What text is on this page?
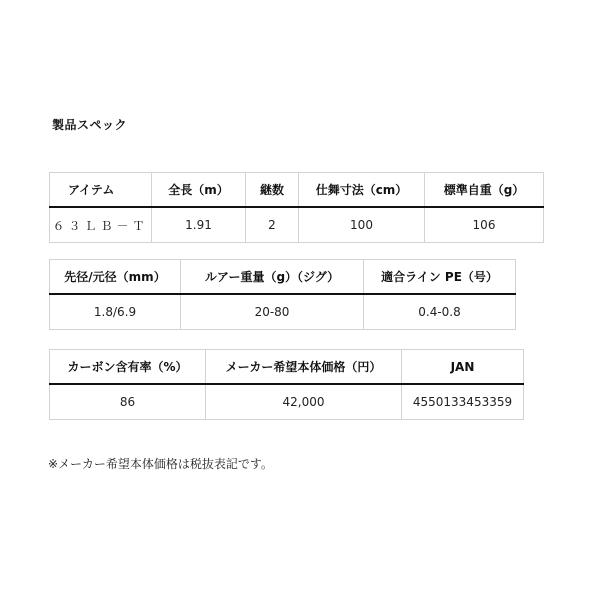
製品スペック
アイテム	全長（m）	継数	仕舞寸法（cm）	標準自重（g）
６３ＬＢ－Ｔ	1.91	2	100	106
先径/元径（mm）	ルアー重量（g）（ジグ）	適合ライン PE（号）
1.8/6.9	20-80	0.4-0.8
カーボン含有率（%）	メーカー希望本体価格（円）	JAN
86	42,000	4550133453359
※メーカー希望本体価格は税抜表記です。
